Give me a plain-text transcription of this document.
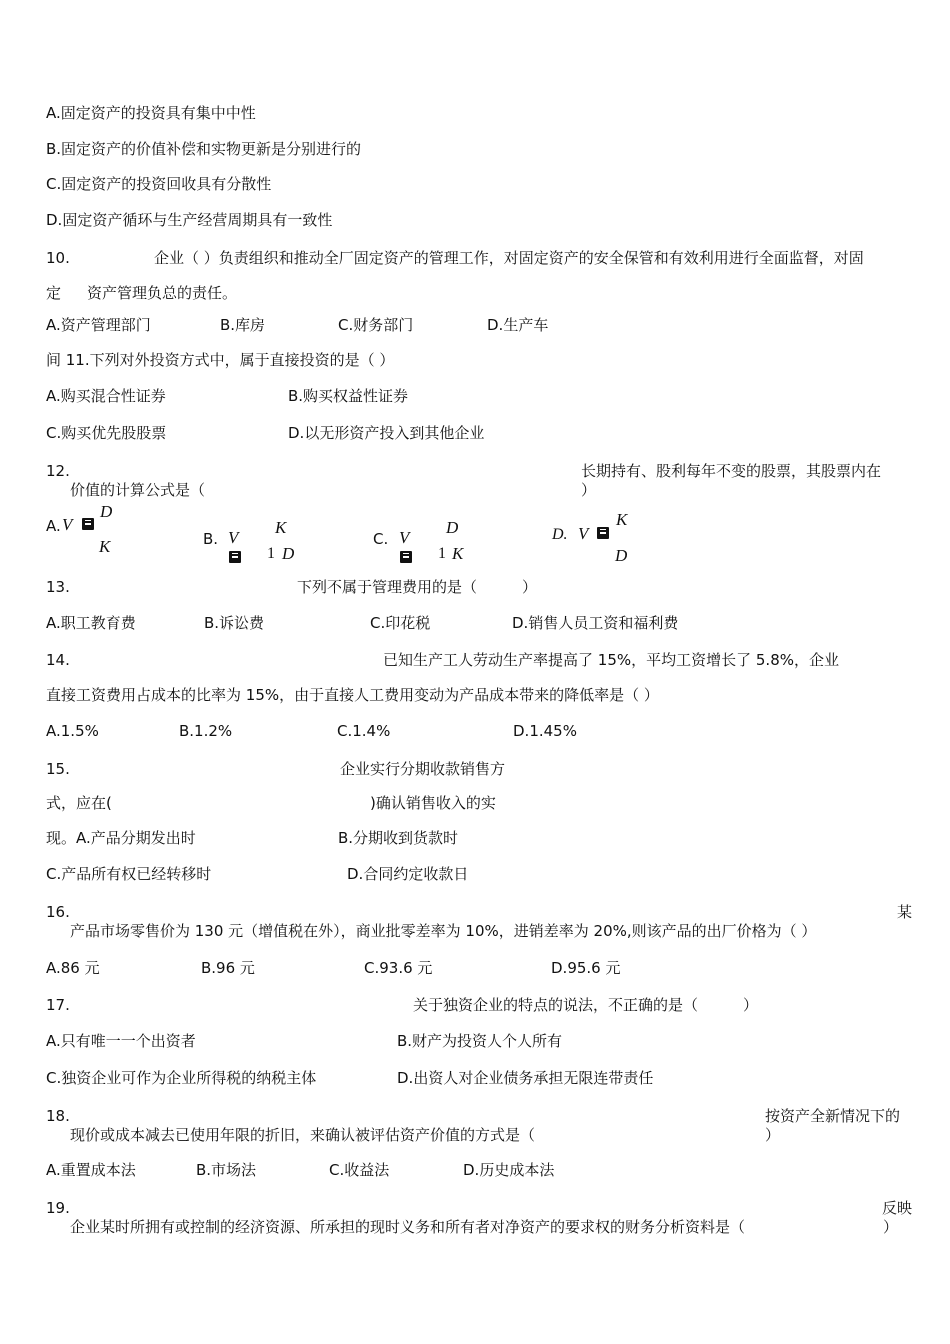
A.固定资产的投资具有集中中性
B.固定资产的价值补偿和实物更新是分别进行的
C.固定资产的投资回收具有分散性
D.固定资产循环与生产经营周期具有一致性
10.	企业（ ）负责组织和推动全厂固定资产的管理工作，对固定资产的安全保管和有效利用进行全面监督，对固
定 资产管理负总的责任。
A.资产管理部门	B.库房	C.财务部门	D.生产车
间 11.下列对外投资方式中，属于直接投资的是（ ）
A.购买混合性证券	B.购买权益性证券
C.购买优先股股票	D.以无形资产投入到其他企业
12.	长期持有、股利每年不变的股票，其股票内在
价值的计算公式是（	）
A. V
D
K	B. V
K
1 D
C. V
D
1 K
D. V
K
D
13.	下列不属于管理费用的是（　　　）
A.职工教育费	B.诉讼费	C.印花税	D.销售人员工资和福利费
14.	已知生产工人劳动生产率提高了 15%，平均工资增长了 5.8%，企业
直接工资费用占成本的比率为 15%，由于直接人工费用变动为产品成本带来的降低率是（ ）
A.1.5%	B.1.2%	C.1.4%	D.1.45%
15.	企业实行分期收款销售方
式，应在(	)确认销售收入的实
现。A.产品分期发出时	B.分期收到货款时
C.产品所有权已经转移时	D.合同约定收款日
16.	某
产品市场零售价为 130 元（增值税在外），商业批零差率为 10%，进销差率为 20%,则该产品的出厂价格为（ ）
A.86 元	B.96 元	C.93.6 元	D.95.6 元
17.	关于独资企业的特点的说法，不正确的是（　　　）
A.只有唯一一个出资者	B.财产为投资人个人所有
C.独资企业可作为企业所得税的纳税主体	D.出资人对企业债务承担无限连带责任
18.	按资产全新情况下的
现价或成本减去已使用年限的折旧，来确认被评估资产价值的方式是（	）
A.重置成本法	B.市场法	C.收益法	D.历史成本法
19.	反映
企业某时所拥有或控制的经济资源、所承担的现时义务和所有者对净资产的要求权的财务分析资料是（	）
